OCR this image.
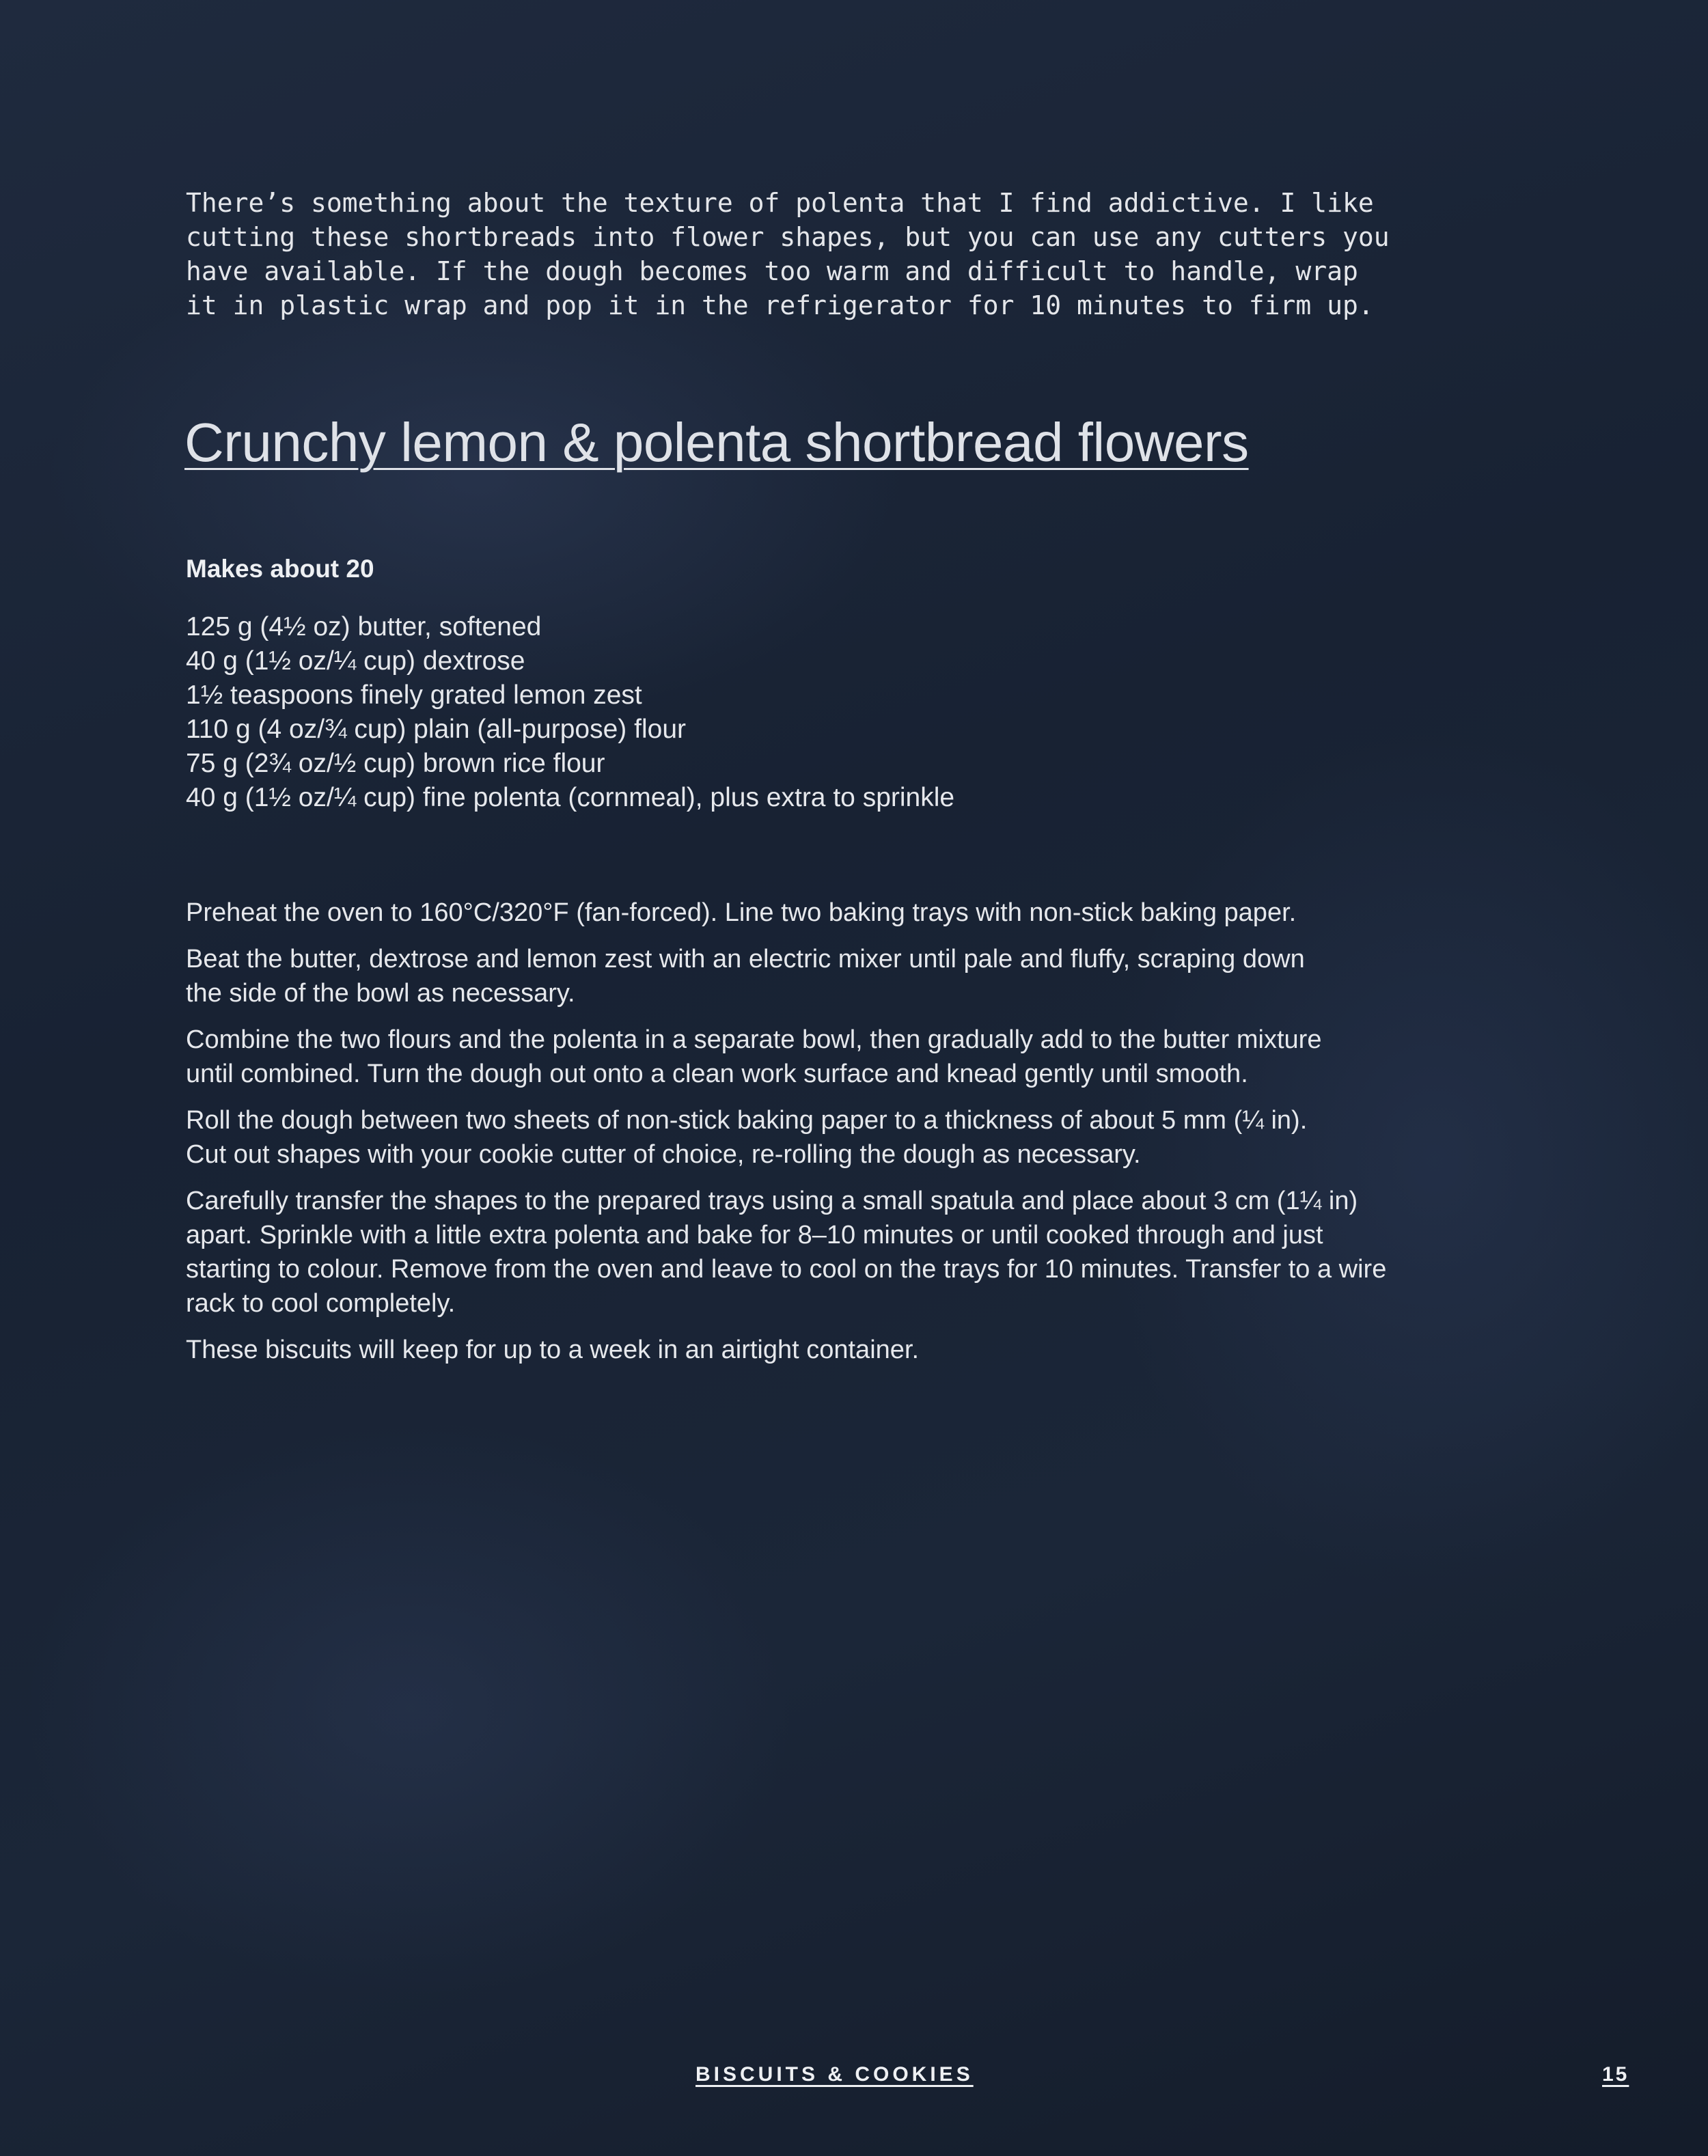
There’s something about the texture of polenta that I find addictive. I like
cutting these shortbreads into flower shapes, but you can use any cutters you
have available. If the dough becomes too warm and difficult to handle, wrap
it in plastic wrap and pop it in the refrigerator for 10 minutes to firm up.
Crunchy lemon & polenta shortbread flowers
Makes about 20
125 g (4½ oz) butter, softened
40 g (1½ oz/¼ cup) dextrose
1½ teaspoons finely grated lemon zest
110 g (4 oz/¾ cup) plain (all-purpose) flour
75 g (2¾ oz/½ cup) brown rice flour
40 g (1½ oz/¼ cup) fine polenta (cornmeal), plus extra to sprinkle
Preheat the oven to 160°C/320°F (fan-forced). Line two baking trays with non-stick baking paper.
Beat the butter, dextrose and lemon zest with an electric mixer until pale and fluffy, scraping down
the side of the bowl as necessary.
Combine the two flours and the polenta in a separate bowl, then gradually add to the butter mixture
until combined. Turn the dough out onto a clean work surface and knead gently until smooth.
Roll the dough between two sheets of non-stick baking paper to a thickness of about 5 mm (¼ in).
Cut out shapes with your cookie cutter of choice, re-rolling the dough as necessary.
Carefully transfer the shapes to the prepared trays using a small spatula and place about 3 cm (1¼ in)
apart. Sprinkle with a little extra polenta and bake for 8–10 minutes or until cooked through and just
starting to colour. Remove from the oven and leave to cool on the trays for 10 minutes. Transfer to a wire
rack to cool completely.
These biscuits will keep for up to a week in an airtight container.
BISCUITS & COOKIES	15
